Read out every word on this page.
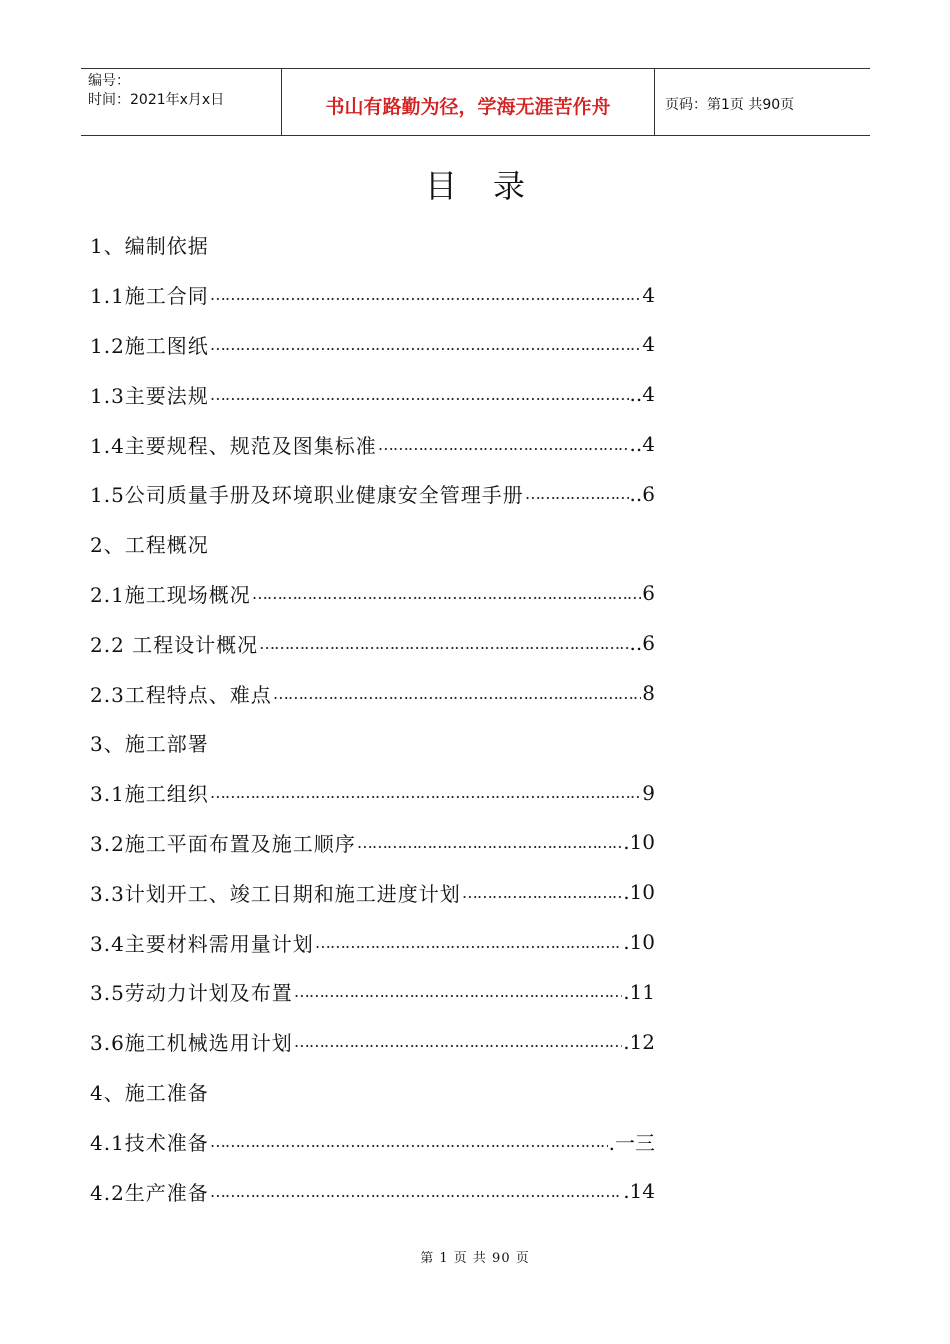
编号：
时间：2021年x月x日	书山有路勤为径，学海无涯苦作舟	页码：第1页 共90页
目录
1、编制依据
1.1施工合同 …………………………………………………………………………………………………………………………………………	4
1.2施工图纸 …………………………………………………………………………………………………………………………………………	4
1.3主要法规 …………………………………………………………………………………………………………………………………………	..4
1.4主要规程、规范及图集标准 …………………………………………………………………………………………………………………………………………	..4
1.5公司质量手册及环境职业健康安全管理手册 …………………………………………………………………………………………………………………………………………	..6
2、工程概况
2.1施工现场概况 …………………………………………………………………………………………………………………………………………	6
2.2 工程设计概况 …………………………………………………………………………………………………………………………………………	..6
2.3工程特点、难点 …………………………………………………………………………………………………………………………………………	8
3、施工部署
3.1施工组织 …………………………………………………………………………………………………………………………………………	9
3.2施工平面布置及施工顺序 …………………………………………………………………………………………………………………………………………	.10
3.3计划开工、竣工日期和施工进度计划 …………………………………………………………………………………………………………………………………………	.10
3.4主要材料需用量计划 …………………………………………………………………………………………………………………………………………	.10
3.5劳动力计划及布置 …………………………………………………………………………………………………………………………………………	.11
3.6施工机械选用计划 …………………………………………………………………………………………………………………………………………	.12
4、施工准备
4.1技术准备 …………………………………………………………………………………………………………………………………………	.一三
4.2生产准备 …………………………………………………………………………………………………………………………………………	.14
第 1 页 共 90 页
